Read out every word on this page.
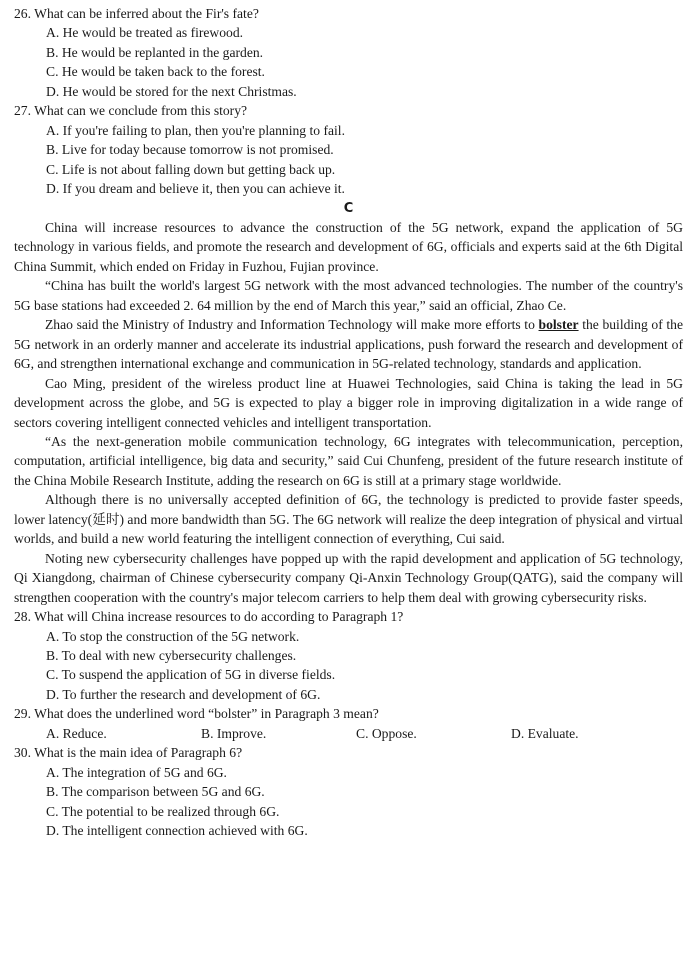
26. What can be inferred about the Fir's fate?
A. He would be treated as firewood.
B. He would be replanted in the garden.
C. He would be taken back to the forest.
D. He would be stored for the next Christmas.
27. What can we conclude from this story?
A. If you're failing to plan, then you're planning to fail.
B. Live for today because tomorrow is not promised.
C. Life is not about falling down but getting back up.
D. If you dream and believe it, then you can achieve it.
C

China will increase resources to advance the construction of the 5G network, expand the application of 5G technology in various fields, and promote the research and development of 6G, officials and experts said at the 6th Digital China Summit, which ended on Friday in Fuzhou, Fujian province.

“China has built the world's largest 5G network with the most advanced technologies. The number of the country's 5G base stations had exceeded 2. 64 million by the end of March this year,” said an official, Zhao Ce.

Zhao said the Ministry of Industry and Information Technology will make more efforts to bolster the building of the 5G network in an orderly manner and accelerate its industrial applications, push forward the research and development of 6G, and strengthen international exchange and communication in 5G-related technology, standards and application.

Cao Ming, president of the wireless product line at Huawei Technologies, said China is taking the lead in 5G development across the globe, and 5G is expected to play a bigger role in improving digitalization in a wide range of sectors covering intelligent connected vehicles and intelligent transportation.

“As the next-generation mobile communication technology, 6G integrates with telecommunication, perception, computation, artificial intelligence, big data and security,” said Cui Chunfeng, president of the future research institute of the China Mobile Research Institute, adding the research on 6G is still at a primary stage worldwide.

Although there is no universally accepted definition of 6G, the technology is predicted to provide faster speeds, lower latency(延时) and more bandwidth than 5G. The 6G network will realize the deep integration of physical and virtual worlds, and build a new world featuring the intelligent connection of everything, Cui said.

Noting new cybersecurity challenges have popped up with the rapid development and application of 5G technology, Qi Xiangdong, chairman of Chinese cybersecurity company Qi-Anxin Technology Group(QATG), said the company will strengthen cooperation with the country's major telecom carriers to help them deal with growing cybersecurity risks.

28. What will China increase resources to do according to Paragraph 1?
A. To stop the construction of the 5G network.
B. To deal with new cybersecurity challenges.
C. To suspend the application of 5G in diverse fields.
D. To further the research and development of 6G.
29. What does the underlined word “bolster” in Paragraph 3 mean?
A. Reduce.	B. Improve.	C. Oppose.	D. Evaluate.
30. What is the main idea of Paragraph 6?
A. The integration of 5G and 6G.
B. The comparison between 5G and 6G.
C. The potential to be realized through 6G.
D. The intelligent connection achieved with 6G.
